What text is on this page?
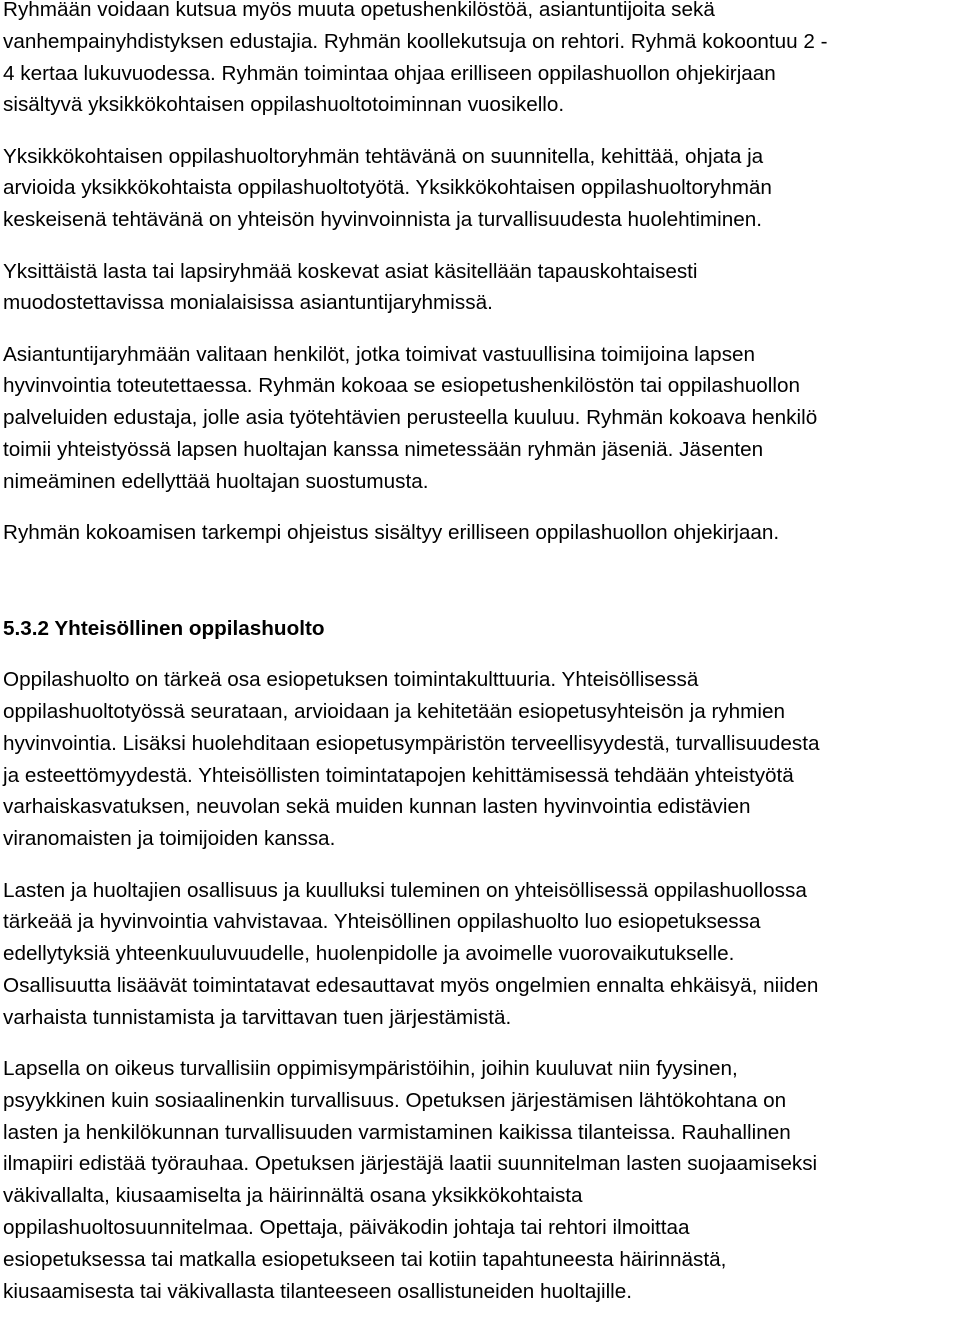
Ryhmään voidaan kutsua myös muuta opetushenkilöstöä, asiantuntijoita sekä
vanhempainyhdistyksen edustajia. Ryhmän koollekutsuja on rehtori. Ryhmä kokoontuu 2 -
4 kertaa lukuvuodessa. Ryhmän toimintaa ohjaa erilliseen oppilashuollon ohjekirjaan
sisältyvä yksikkökohtaisen oppilashuoltotoiminnan vuosikello.
Yksikkökohtaisen oppilashuoltoryhmän tehtävänä on suunnitella, kehittää, ohjata ja
arvioida yksikkökohtaista oppilashuoltotyötä. Yksikkökohtaisen oppilashuoltoryhmän
keskeisenä tehtävänä on yhteisön hyvinvoinnista ja turvallisuudesta huolehtiminen.
Yksittäistä lasta tai lapsiryhmää koskevat asiat käsitellään tapauskohtaisesti
muodostettavissa monialaisissa asiantuntijaryhmissä.
Asiantuntijaryhmään valitaan henkilöt, jotka toimivat vastuullisina toimijoina lapsen
hyvinvointia toteutettaessa. Ryhmän kokoaa se esiopetushenkilöstön tai oppilashuollon
palveluiden edustaja, jolle asia työtehtävien perusteella kuuluu. Ryhmän kokoava henkilö
toimii yhteistyössä lapsen huoltajan kanssa nimetessään ryhmän jäseniä. Jäsenten
nimeäminen edellyttää huoltajan suostumusta.
Ryhmän kokoamisen tarkempi ohjeistus sisältyy erilliseen oppilashuollon ohjekirjaan.
5.3.2 Yhteisöllinen oppilashuolto
Oppilashuolto on tärkeä osa esiopetuksen toimintakulttuuria. Yhteisöllisessä
oppilashuoltotyössä seurataan, arvioidaan ja kehitetään esiopetusyhteisön ja ryhmien
hyvinvointia. Lisäksi huolehditaan esiopetusympäristön terveellisyydestä, turvallisuudesta
ja esteettömyydestä. Yhteisöllisten toimintatapojen kehittämisessä tehdään yhteistyötä
varhaiskasvatuksen, neuvolan sekä muiden kunnan lasten hyvinvointia edistävien
viranomaisten ja toimijoiden kanssa.
Lasten ja huoltajien osallisuus ja kuulluksi tuleminen on yhteisöllisessä oppilashuollossa
tärkeää ja hyvinvointia vahvistavaa. Yhteisöllinen oppilashuolto luo esiopetuksessa
edellytyksiä yhteenkuuluvuudelle, huolenpidolle ja avoimelle vuorovaikutukselle.
Osallisuutta lisäävät toimintatavat edesauttavat myös ongelmien ennalta ehkäisyä, niiden
varhaista tunnistamista ja tarvittavan tuen järjestämistä.
Lapsella on oikeus turvallisiin oppimisympäristöihin, joihin kuuluvat niin fyysinen,
psyykkinen kuin sosiaalinenkin turvallisuus. Opetuksen järjestämisen lähtökohtana on
lasten ja henkilökunnan turvallisuuden varmistaminen kaikissa tilanteissa. Rauhallinen
ilmapiiri edistää työrauhaa. Opetuksen järjestäjä laatii suunnitelman lasten suojaamiseksi
väkivallalta, kiusaamiselta ja häirinnältä osana yksikkökohtaista
oppilashuoltosuunnitelmaa. Opettaja, päiväkodin johtaja tai rehtori ilmoittaa
esiopetuksessa tai matkalla esiopetukseen tai kotiin tapahtuneesta häirinnästä,
kiusaamisesta tai väkivallasta tilanteeseen osallistuneiden huoltajille.
